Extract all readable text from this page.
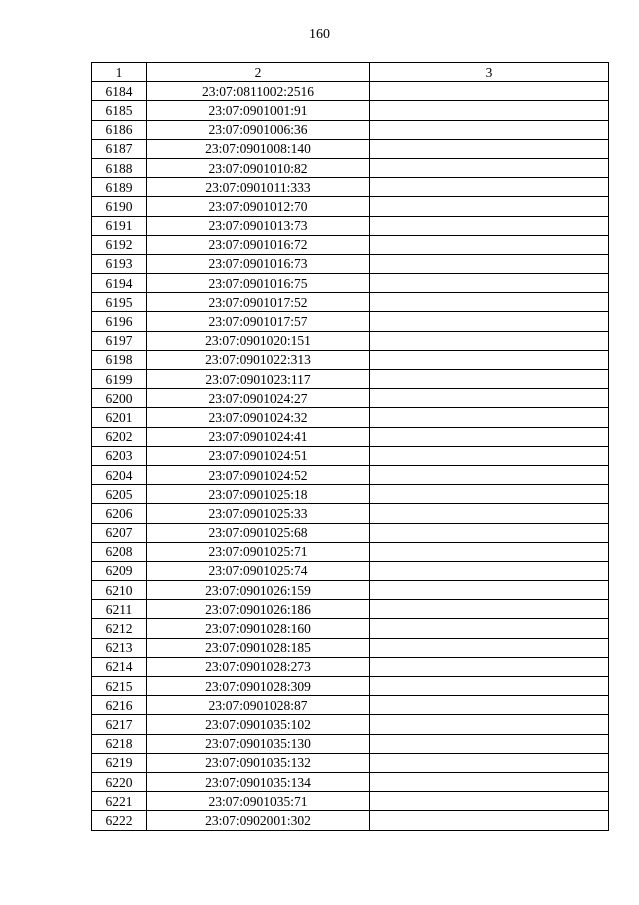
160
1	2	3
6184	23:07:0811002:2516	
6185	23:07:0901001:91	
6186	23:07:0901006:36	
6187	23:07:0901008:140	
6188	23:07:0901010:82	
6189	23:07:0901011:333	
6190	23:07:0901012:70	
6191	23:07:0901013:73	
6192	23:07:0901016:72	
6193	23:07:0901016:73	
6194	23:07:0901016:75	
6195	23:07:0901017:52	
6196	23:07:0901017:57	
6197	23:07:0901020:151	
6198	23:07:0901022:313	
6199	23:07:0901023:117	
6200	23:07:0901024:27	
6201	23:07:0901024:32	
6202	23:07:0901024:41	
6203	23:07:0901024:51	
6204	23:07:0901024:52	
6205	23:07:0901025:18	
6206	23:07:0901025:33	
6207	23:07:0901025:68	
6208	23:07:0901025:71	
6209	23:07:0901025:74	
6210	23:07:0901026:159	
6211	23:07:0901026:186	
6212	23:07:0901028:160	
6213	23:07:0901028:185	
6214	23:07:0901028:273	
6215	23:07:0901028:309	
6216	23:07:0901028:87	
6217	23:07:0901035:102	
6218	23:07:0901035:130	
6219	23:07:0901035:132	
6220	23:07:0901035:134	
6221	23:07:0901035:71	
6222	23:07:0902001:302	
